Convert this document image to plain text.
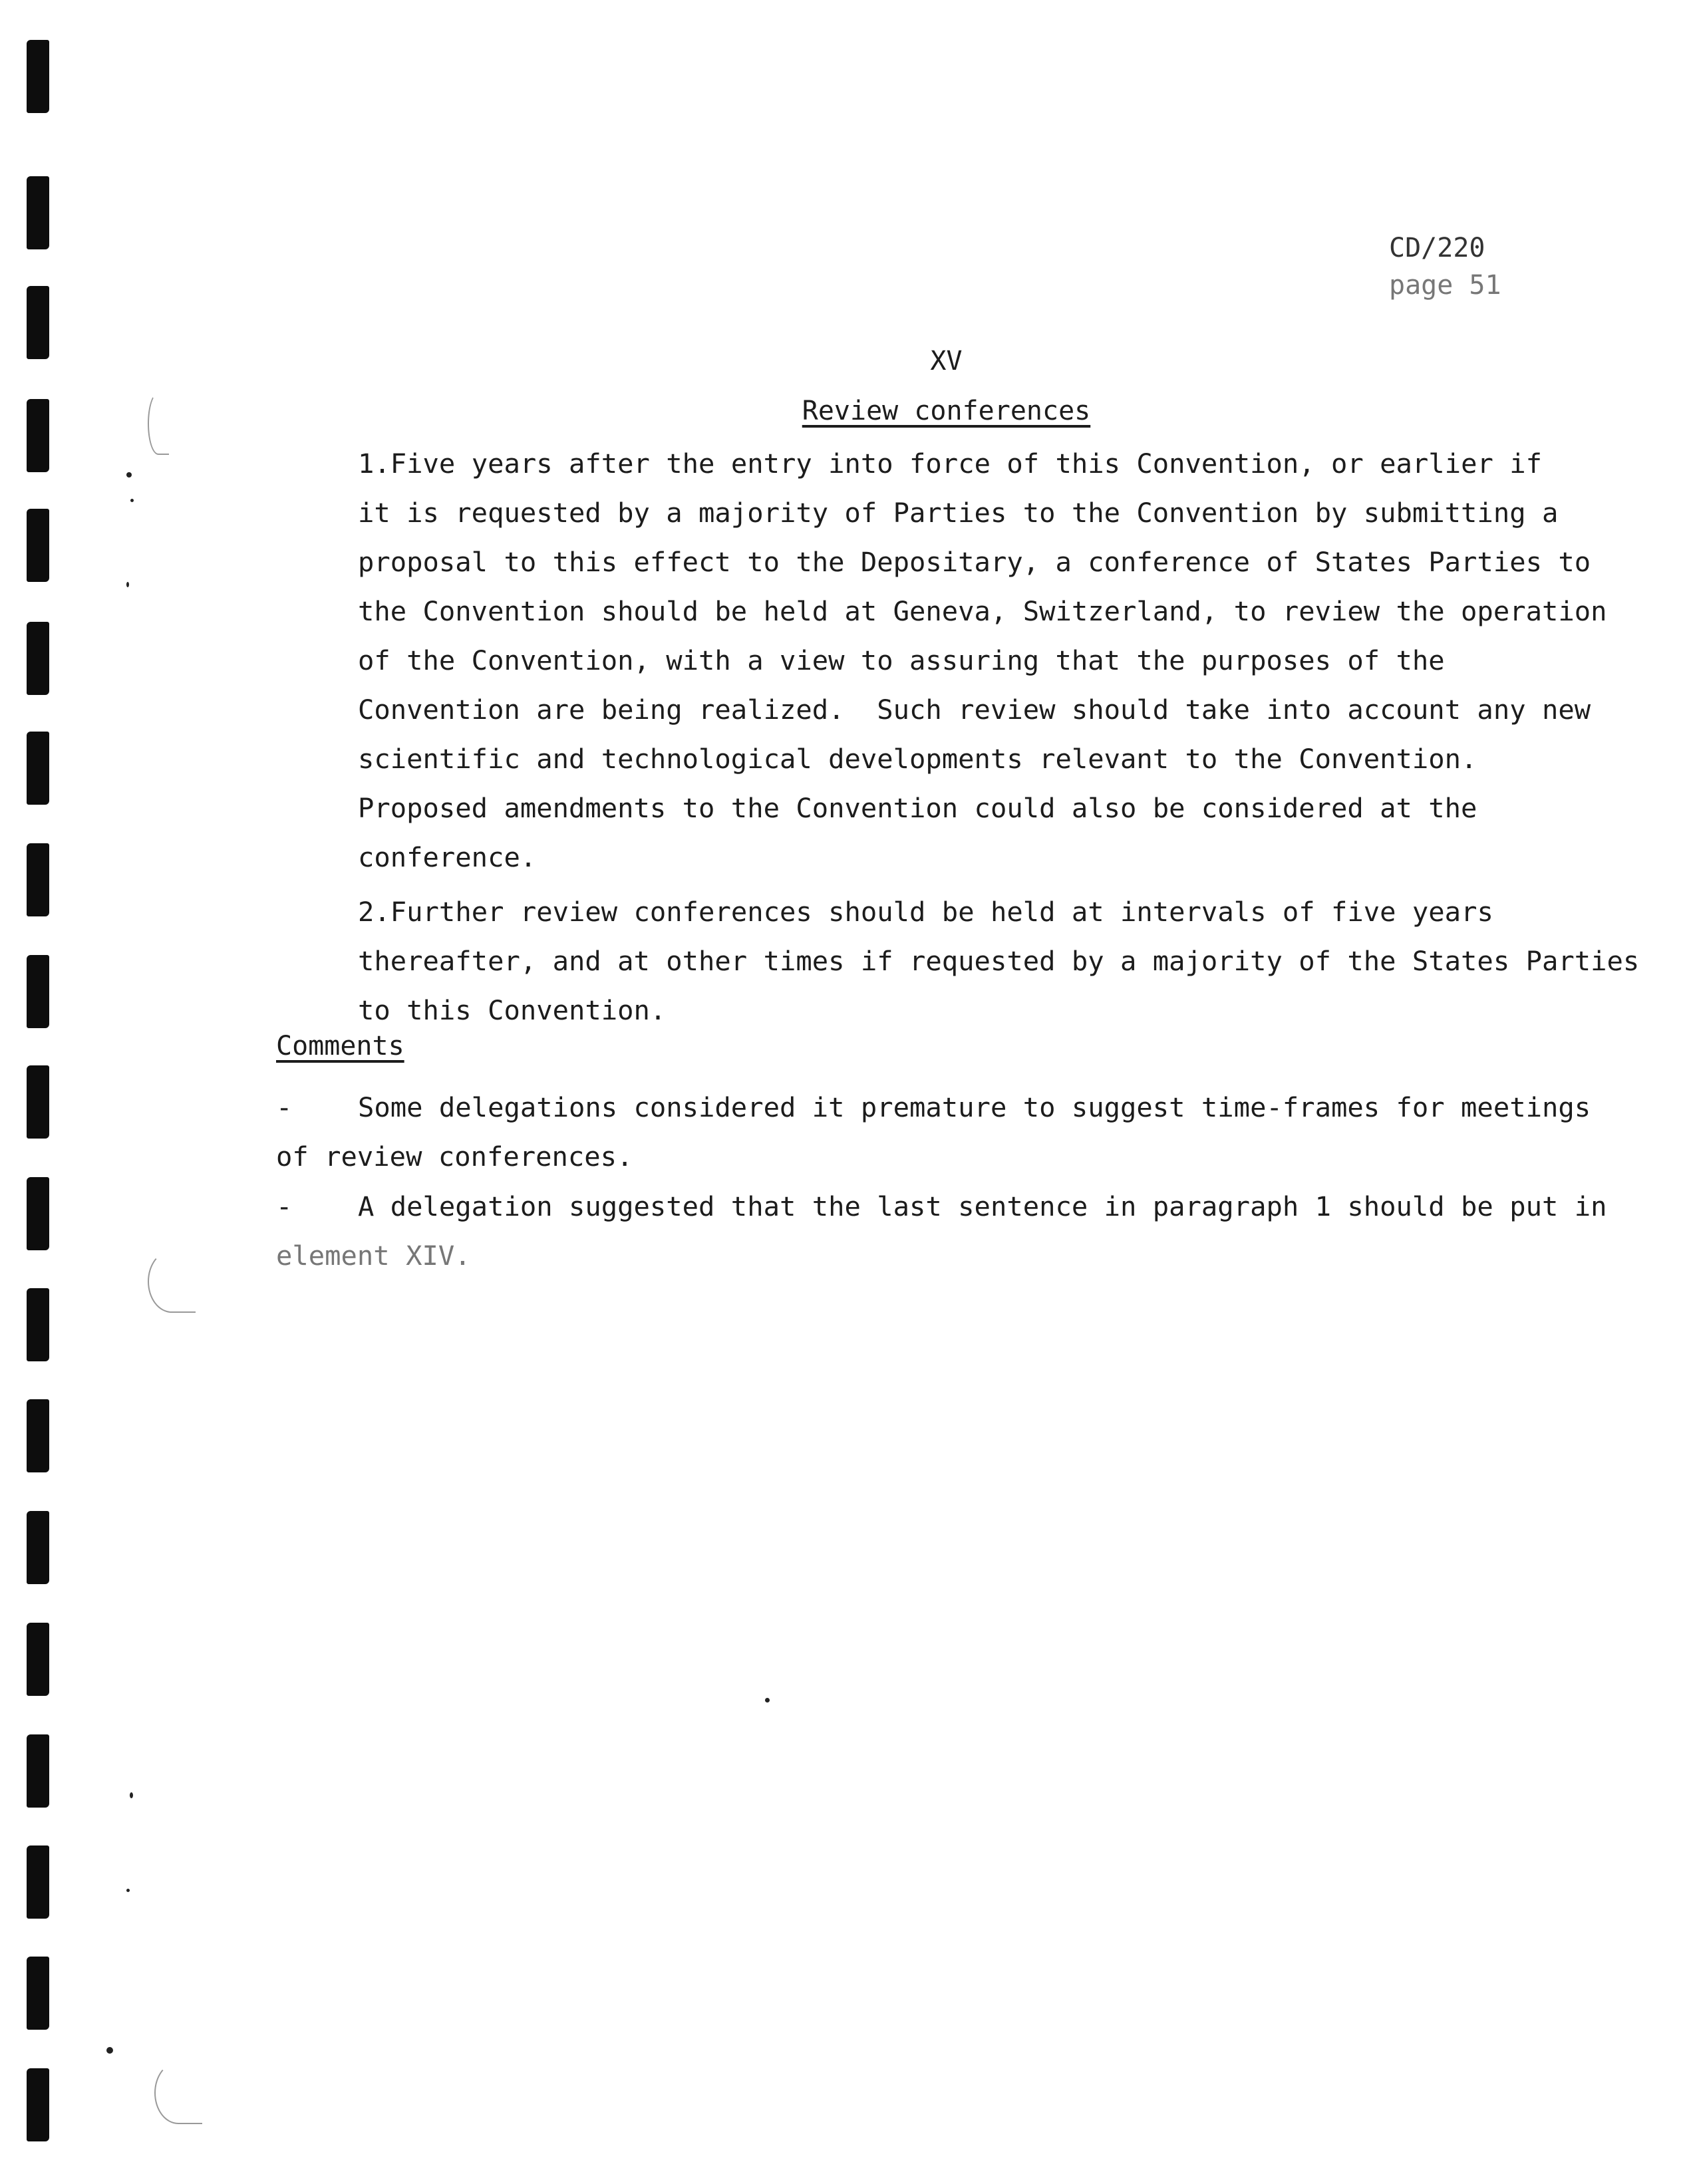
CD/220
page 51
XV
Review conferences
1.Five years after the entry into force of this Convention, or earlier if
it is requested by a majority of Parties to the Convention by submitting a
proposal to this effect to the Depositary, a conference of States Parties to
the Convention should be held at Geneva, Switzerland, to review the operation
of the Convention, with a view to assuring that the purposes of the
Convention are being realized.  Such review should take into account any new
scientific and technological developments relevant to the Convention.
Proposed amendments to the Convention could also be considered at the
conference.
2.Further review conferences should be held at intervals of five years
thereafter, and at other times if requested by a majority of the States Parties
to this Convention.
Comments
- Some delegations considered it premature to suggest time-frames for meetings
of review conferences.
- A delegation suggested that the last sentence in paragraph 1 should be put in
element XIV.
